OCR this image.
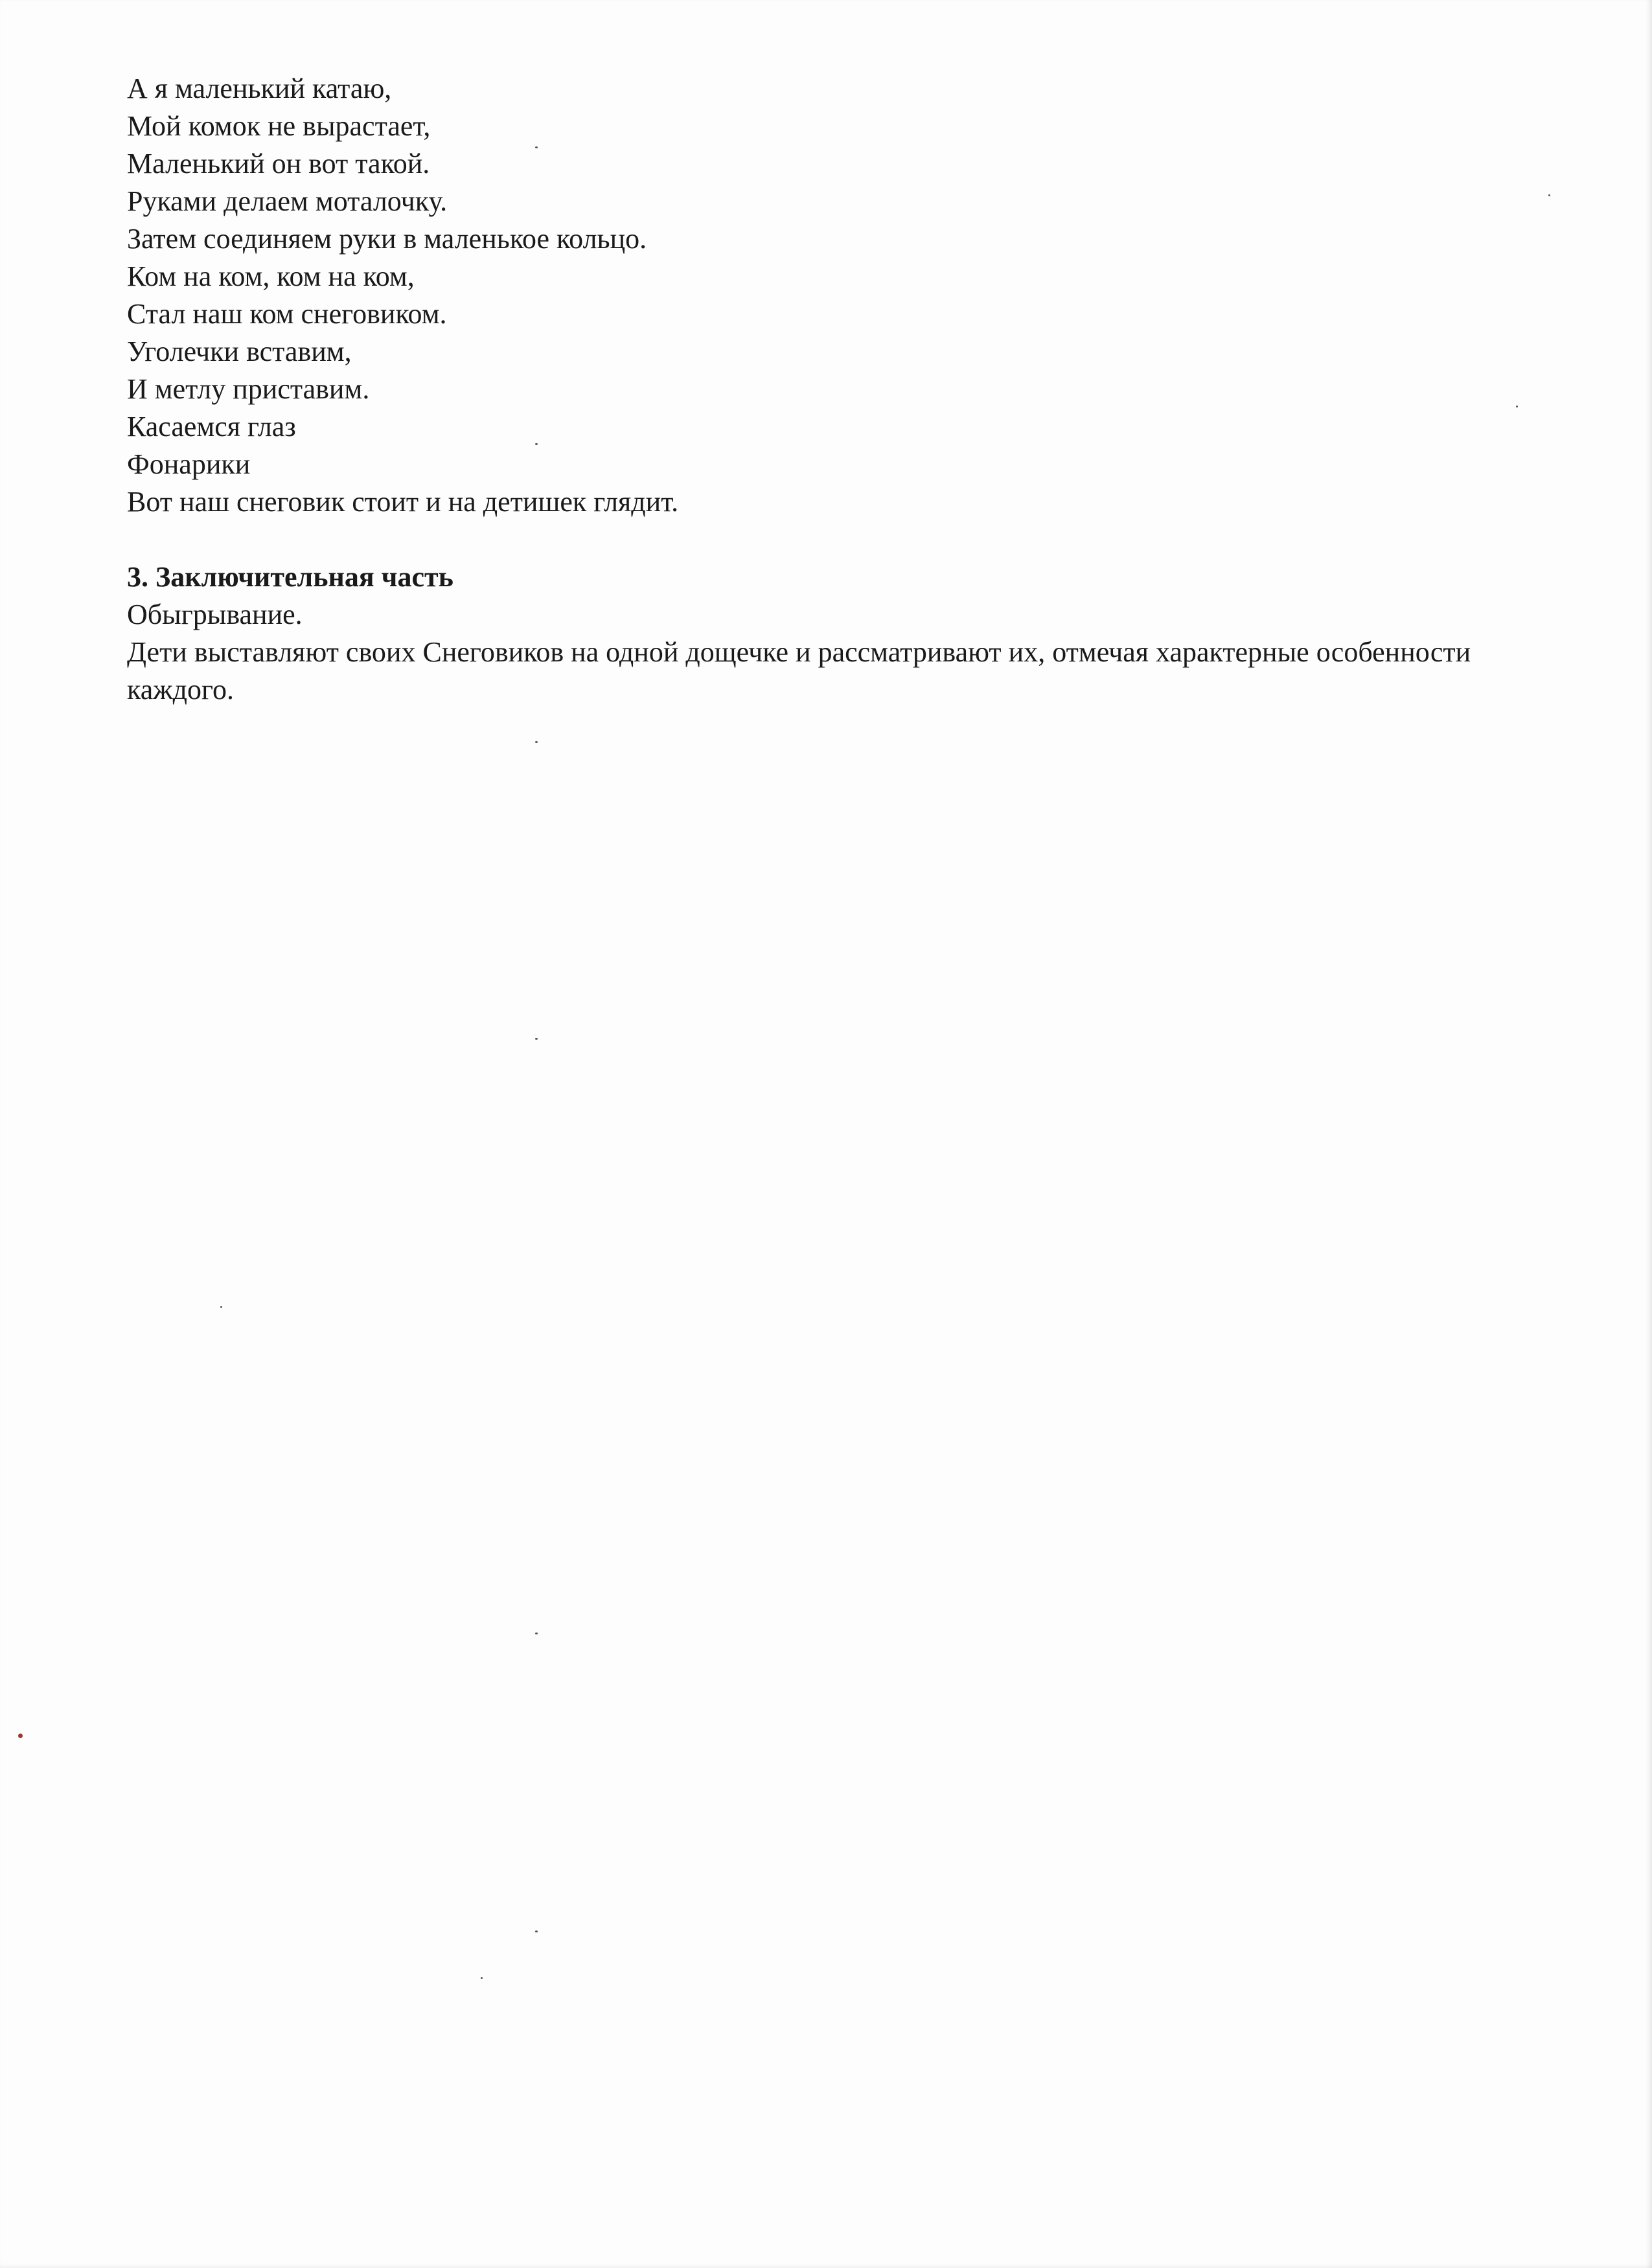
А я маленький катаю,
Мой комок не вырастает,
Маленький он вот такой.
Руками делаем моталочку.
Затем соединяем руки в маленькое кольцо.
Ком на ком, ком на ком,
Стал наш ком снеговиком.
Уголечки вставим,
И метлу приставим.
Касаемся глаз
Фонарики
Вот наш снеговик стоит и на детишек глядит.
3. Заключительная часть
Обыгрывание.
Дети выставляют своих Снеговиков на одной дощечке и рассматривают их, отмечая характерные особенности каждого.
